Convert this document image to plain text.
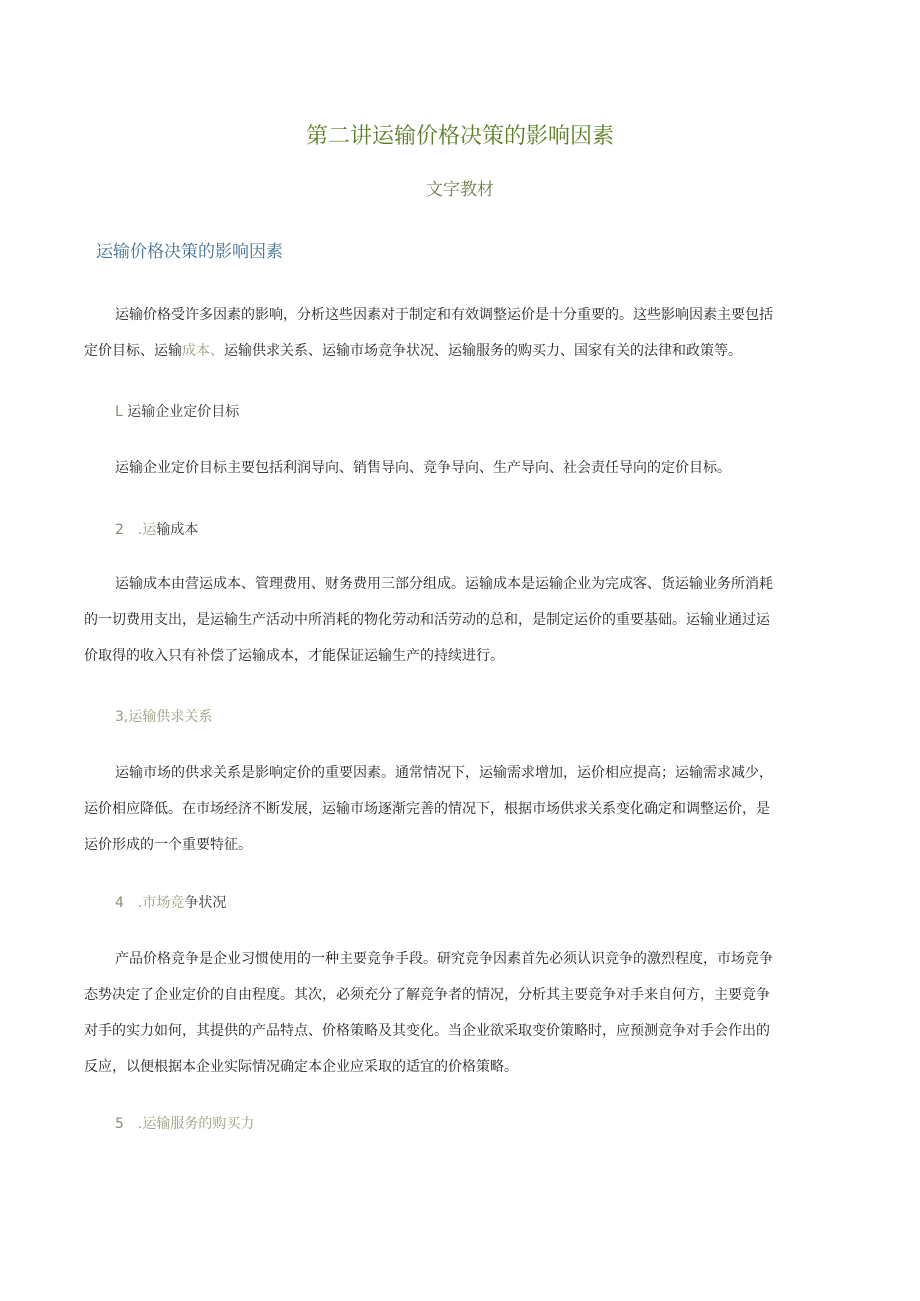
第二讲运输价格决策的影响因素
文字教材
运输价格决策的影响因素
运输价格受许多因素的影响，分析这些因素对于制定和有效调整运价是十分重要的。这些影响因素主要包括
定价目标、运输成本、运输供求关系、运输市场竞争状况、运输服务的购买力、国家有关的法律和政策等。
L 运输企业定价目标
运输企业定价目标主要包括利润导向、销售导向、竞争导向、生产导向、社会责任导向的定价目标。
2 .运输成本
运输成本由营运成本、管理费用、财务费用三部分组成。运输成本是运输企业为完成客、货运输业务所消耗
的一切费用支出，是运输生产活动中所消耗的物化劳动和活劳动的总和，是制定运价的重要基础。运输业通过运
价取得的收入只有补偿了运输成本，才能保证运输生产的持续进行。
3,运输供求关系
运输市场的供求关系是影响定价的重要因素。通常情况下，运输需求增加，运价相应提高；运输需求减少，
运价相应降低。在市场经济不断发展，运输市场逐渐完善的情况下，根据市场供求关系变化确定和调整运价，是
运价形成的一个重要特征。
4 .市场竞争状况
产品价格竞争是企业习惯使用的一种主要竞争手段。研究竞争因素首先必须认识竞争的激烈程度，市场竞争
态势决定了企业定价的自由程度。其次，必须充分了解竞争者的情况，分析其主要竞争对手来自何方，主要竞争
对手的实力如何，其提供的产品特点、价格策略及其变化。当企业欲采取变价策略时，应预测竞争对手会作出的
反应，以便根据本企业实际情况确定本企业应采取的适宜的价格策略。
5 .运输服务的购买力
